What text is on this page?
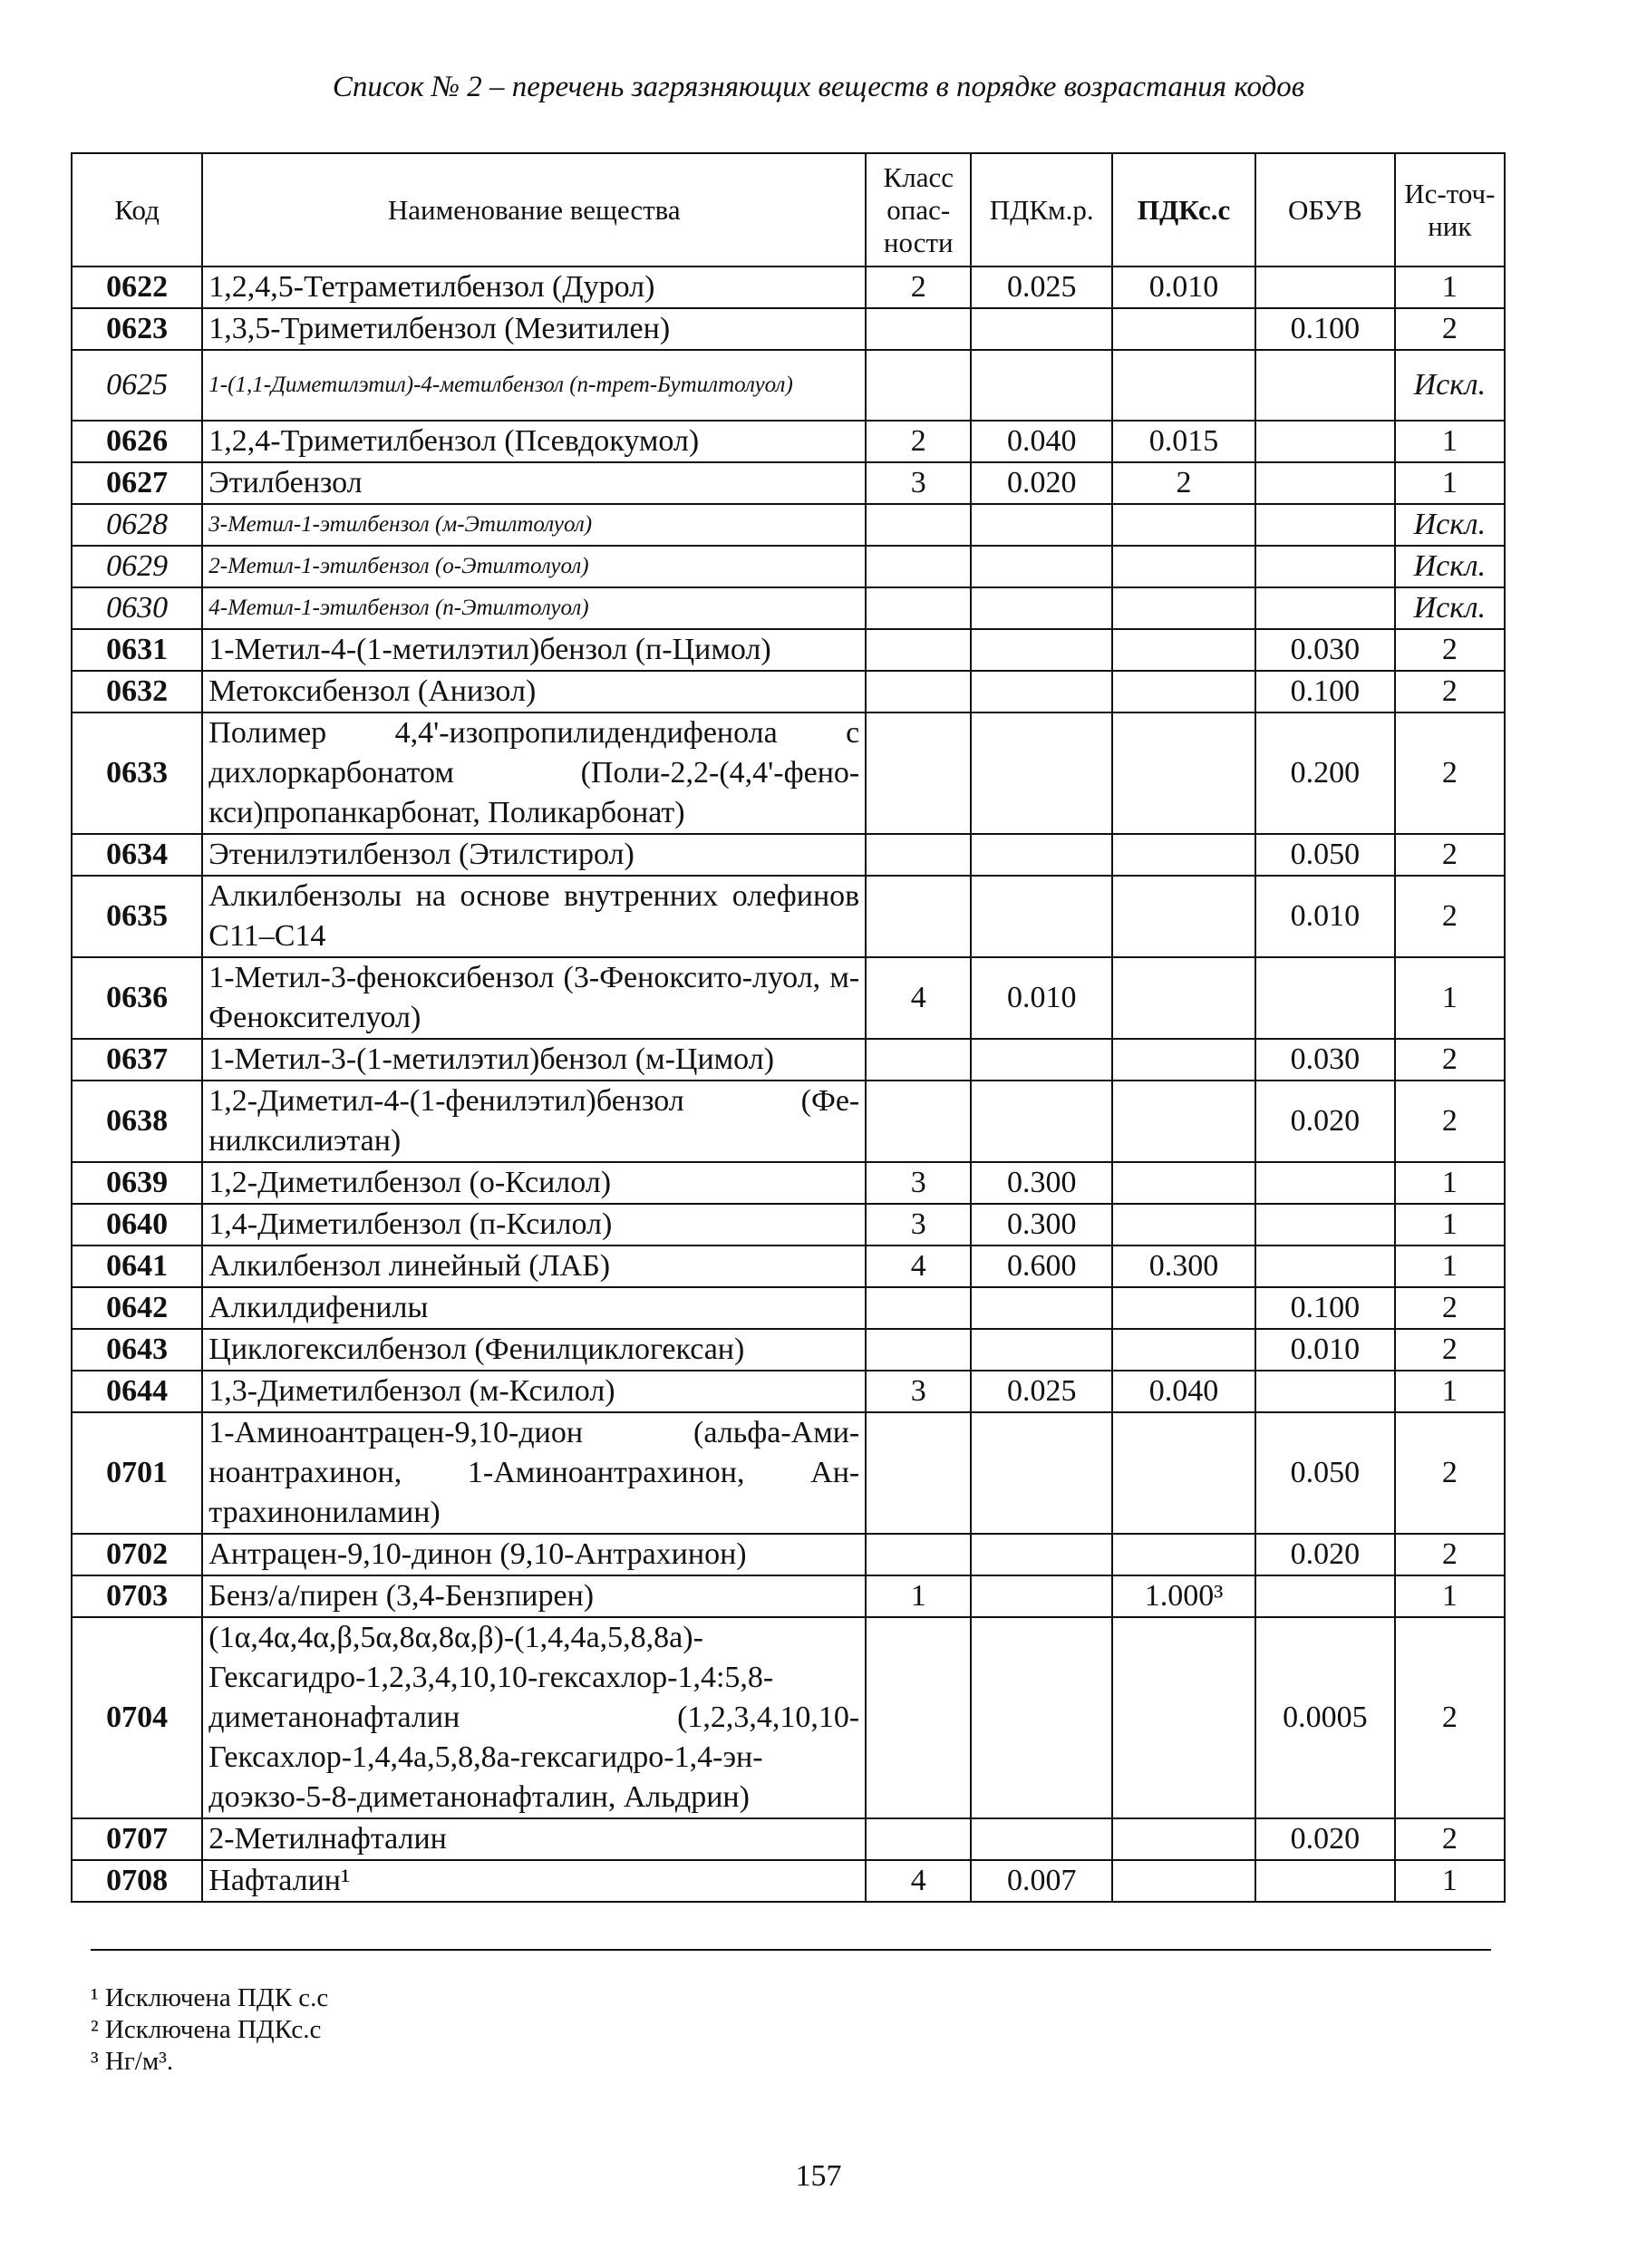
Список № 2 – перечень загрязняющих веществ в порядке возрастания кодов
Код	Наименование вещества	Класс опас-ности	ПДКм.р.	ПДКс.с	ОБУВ	Ис-точ-ник
0622	1,2,4,5-Тетраметилбензол (Дурол)	2	0.025	0.010		1
0623	1,3,5-Триметилбензол (Мезитилен)				0.100	2
0625	1-(1,1-Диметилэтил)-4-метилбензол (п-трет-Бутилтолуол)					Искл.
0626	1,2,4-Триметилбензол (Псевдокумол)	2	0.040	0.015		1
0627	Этилбензол	3	0.020	2		1
0628	3-Метил-1-этилбензол (м-Этилтолуол)					Искл.
0629	2-Метил-1-этилбензол (о-Этилтолуол)					Искл.
0630	4-Метил-1-этилбензол (п-Этилтолуол)					Искл.
0631	1-Метил-4-(1-метилэтил)бензол (п-Цимол)				0.030	2
0632	Метоксибензол (Анизол)				0.100	2
0633	Полимер 4,4'-изопропилидендифенола с дихлоркарбонатом (Поли-2,2-(4,4'-фено-кси)пропанкарбонат, Поликарбонат)				0.200	2
0634	Этенилэтилбензол (Этилстирол)				0.050	2
0635	Алкилбензолы на основе внутренних олефинов C11–C14				0.010	2
0636	1-Метил-3-феноксибензол (3-Феноксито-луол, м-Феноксителуол)	4	0.010			1
0637	1-Метил-3-(1-метилэтил)бензол (м-Цимол)				0.030	2
0638	1,2-Диметил-4-(1-фенилэтил)бензол (Фе-нилксилиэтан)				0.020	2
0639	1,2-Диметилбензол (о-Ксилол)	3	0.300			1
0640	1,4-Диметилбензол (п-Ксилол)	3	0.300			1
0641	Алкилбензол линейный (ЛАБ)	4	0.600	0.300		1
0642	Алкилдифенилы				0.100	2
0643	Циклогексилбензол (Фенилциклогексан)				0.010	2
0644	1,3-Диметилбензол (м-Ксилол)	3	0.025	0.040		1
0701	1-Аминоантрацен-9,10-дион (альфа-Ами-ноантрахинон, 1-Аминоантрахинон, Ан-трахинониламин)				0.050	2
0702	Антрацен-9,10-динон (9,10-Антрахинон)				0.020	2
0703	Бенз/а/пирен (3,4-Бензпирен)	1		1.000³		1
0704	(1α,4α,4α,β,5α,8α,8α,β)-(1,4,4а,5,8,8а)-Гексагидро-1,2,3,4,10,10-гексахлор-1,4:5,8-диметанонафталин (1,2,3,4,10,10-Гексахлор-1,4,4а,5,8,8а-гексагидро-1,4-эн-доэкзо-5-8-диметанонафталин, Альдрин)				0.0005	2
0707	2-Метилнафталин				0.020	2
0708	Нафталин¹	4	0.007			1
¹ Исключена ПДК с.с
² Исключена ПДКс.с
³ Нг/м³.
157
